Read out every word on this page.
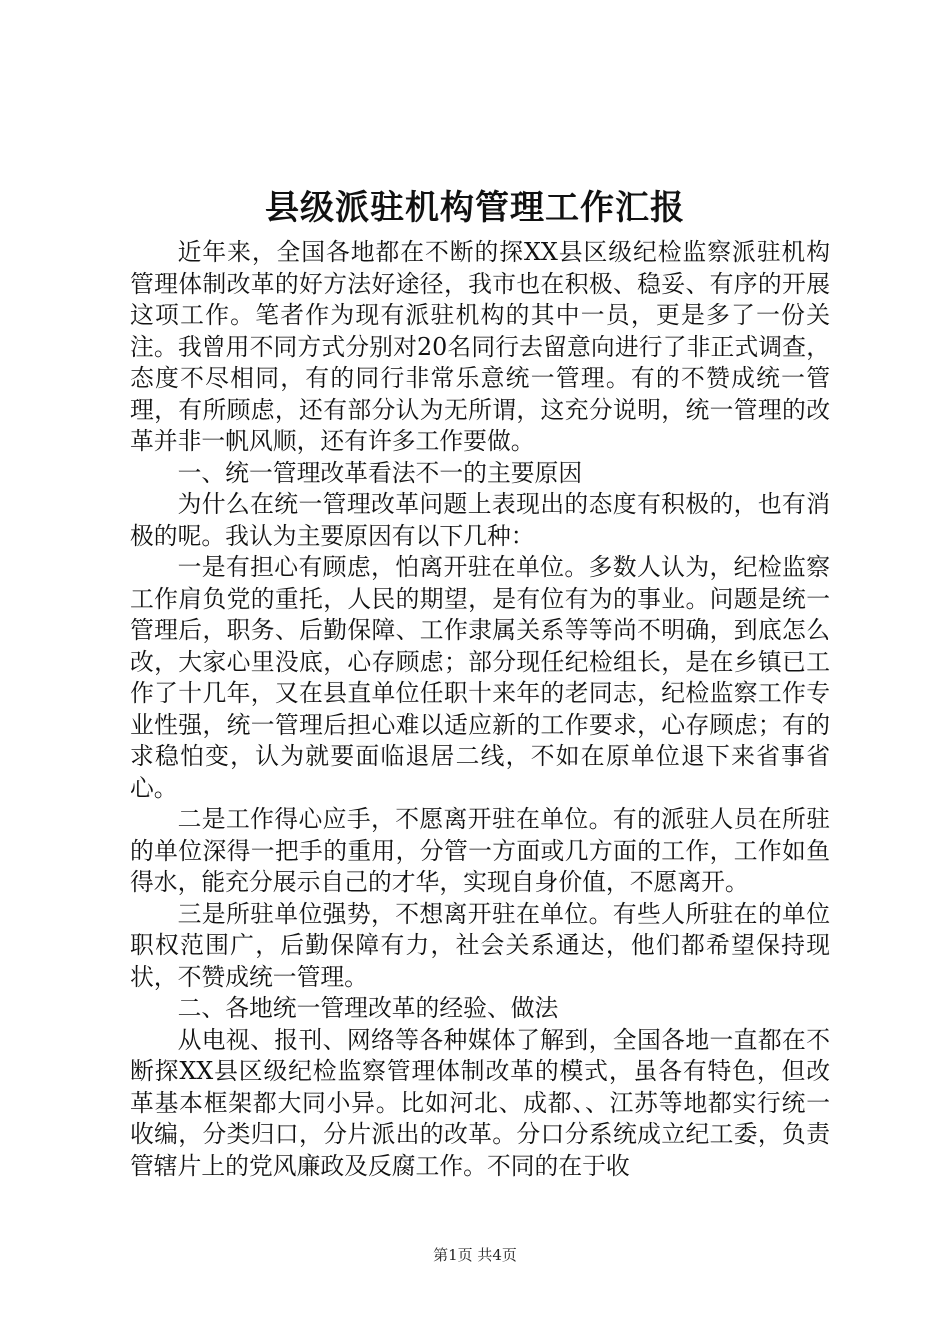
县级派驻机构管理工作汇报

近年来，全国各地都在不断的探XX县区级纪检监察派驻机构管理体制改革的好方法好途径，我市也在积极、稳妥、有序的开展这项工作。笔者作为现有派驻机构的其中一员，更是多了一份关注。我曾用不同方式分别对20名同行去留意向进行了非正式调查，态度不尽相同，有的同行非常乐意统一管理。有的不赞成统一管理，有所顾虑，还有部分认为无所谓，这充分说明，统一管理的改革并非一帆风顺，还有许多工作要做。

一、统一管理改革看法不一的主要原因

为什么在统一管理改革问题上表现出的态度有积极的，也有消极的呢。我认为主要原因有以下几种：

一是有担心有顾虑，怕离开驻在单位。多数人认为，纪检监察工作肩负党的重托，人民的期望，是有位有为的事业。问题是统一管理后，职务、后勤保障、工作隶属关系等等尚不明确，到底怎么改，大家心里没底，心存顾虑；部分现任纪检组长，是在乡镇已工作了十几年，又在县直单位任职十来年的老同志，纪检监察工作专业性强，统一管理后担心难以适应新的工作要求，心存顾虑；有的求稳怕变，认为就要面临退居二线，不如在原单位退下来省事省心。

二是工作得心应手，不愿离开驻在单位。有的派驻人员在所驻的单位深得一把手的重用，分管一方面或几方面的工作，工作如鱼得水，能充分展示自己的才华，实现自身价值，不愿离开。

三是所驻单位强势，不想离开驻在单位。有些人所驻在的单位职权范围广，后勤保障有力，社会关系通达，他们都希望保持现状，不赞成统一管理。

二、各地统一管理改革的经验、做法

从电视、报刊、网络等各种媒体了解到，全国各地一直都在不断探XX县区级纪检监察管理体制改革的模式，虽各有特色，但改革基本框架都大同小异。比如河北、成都、、江苏等地都实行统一收编，分类归口，分片派出的改革。分口分系统成立纪工委，负责管辖片上的党风廉政及反腐工作。不同的在于收

第1页 共4页
